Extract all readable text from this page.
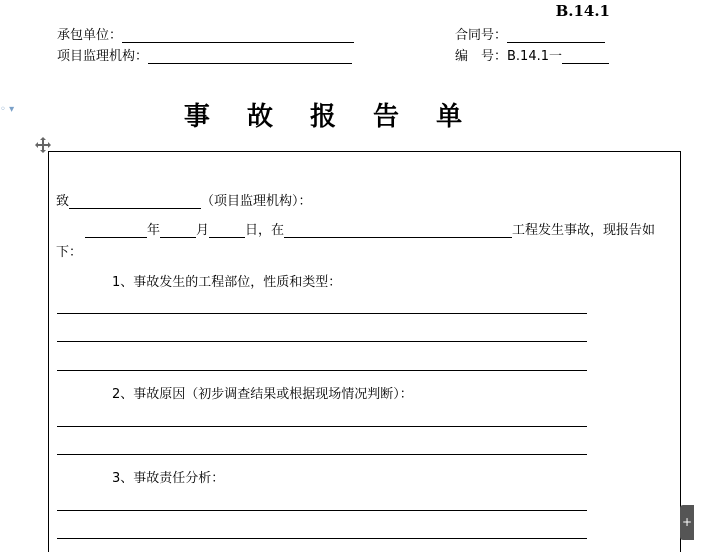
B.14.1
承包单位：
项目监理机构：
合同号：
编　号：B.14.1一
◦ ▾	事 故 报 告 单
致	（项目监理机构）：
年	月	日，在	工程发生事故，现报告如
下：
1、事故发生的工程部位，性质和类型：
2、事故原因（初步调查结果或根据现场情况判断）：
3、事故责任分析：
+
